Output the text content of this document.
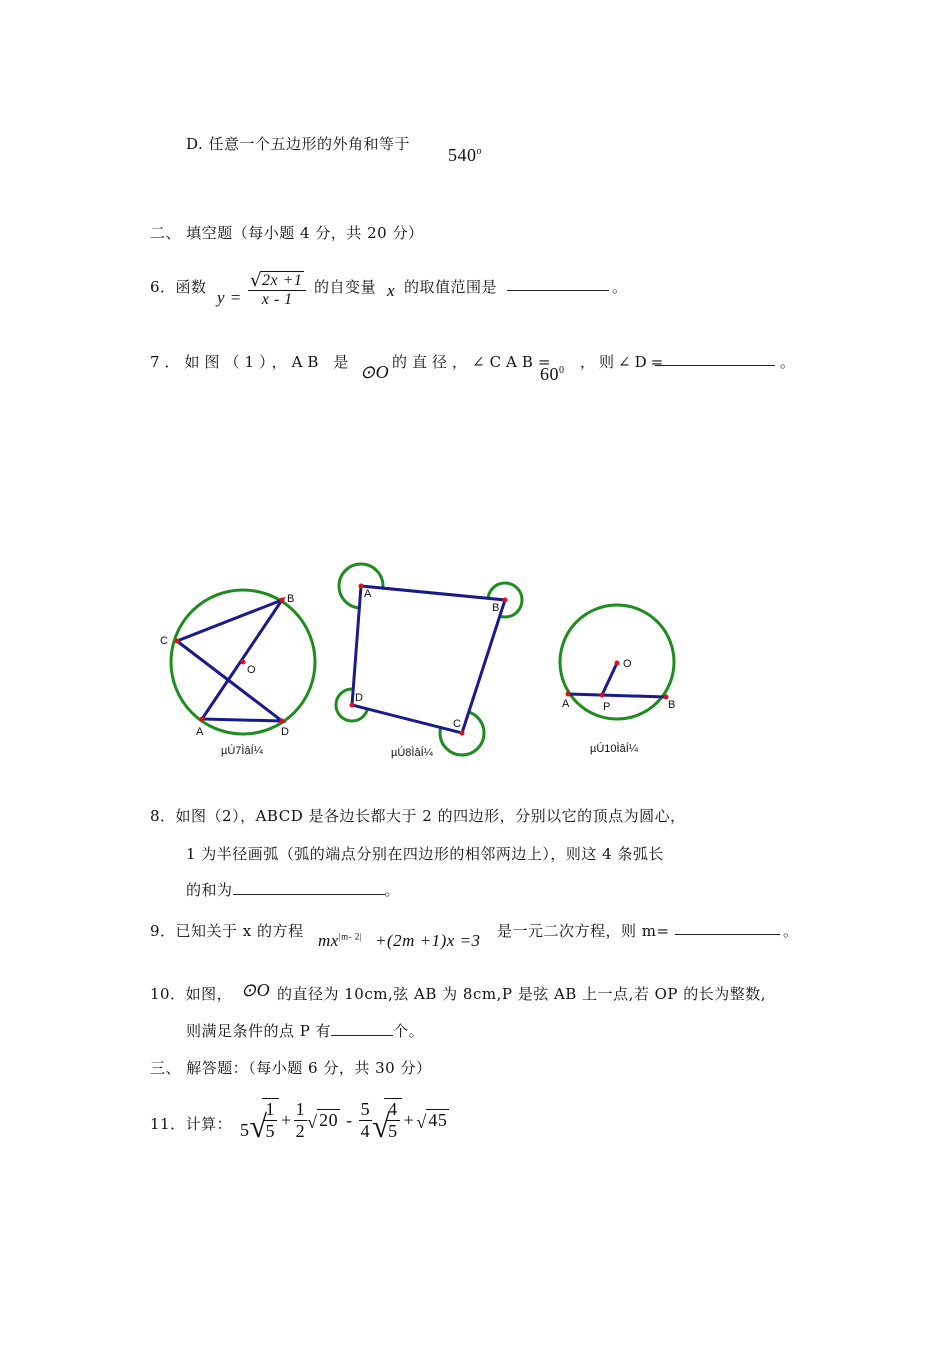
D. 任意一个五边形的外角和等于
540$^o$
二、 填空题（每小题 4 分，共 20 分）
6．函数
$y = \frac{√ 2x +1}{x - 1}$ 的自变量 x 的取值范围是	。
7．如图（1），AB 是 ⊙O 的直径，∠CAB=
$60^0$ ，则∠D=	。
B
C
O
A	D
µÚ7ÌâÍ¼
A
B
D
C
µÚ8ÌâÍ¼
O
A	P	B
µÚ10ÌâÍ¼
8．如图（2），ABCD 是各边长都大于 2 的四边形，分别以它的顶点为圆心，
1 为半径画弧（弧的端点分别在四边形的相邻两边上），则这 4 条弧长
的和为	。
9．已知关于 x 的方程 $mx^{|m- 2|} +(2m +1)x =3$ 是一元二次方程，则 m=	。
10．如图， ⊙O 的直径为 10cm,弦 AB 为 8cm,P 是弦 AB 上一点,若 OP 的长为整数,
则满足条件的点 P 有	个。
三、 解答题：（每小题 6 分，共 30 分）
11．计算： 5 √
$\frac{1}{5} + \frac{1}{2}$ √ $20 - \frac{5}{4}$ √
$\frac{4}{5}$ + √ 45
